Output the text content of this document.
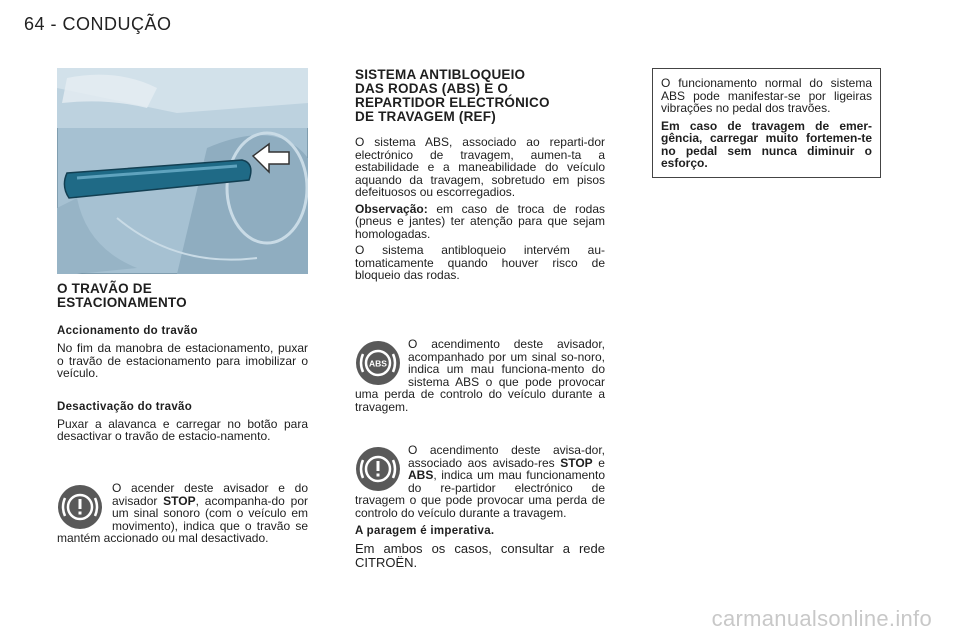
64 - CONDUÇÃO
O TRAVÃO DE
ESTACIONAMENTO
Accionamento do travão

No fim da manobra de estacionamento, puxar o travão de estacionamento para imobilizar o veículo.

Desactivação do travão

Puxar a alavanca e carregar no botão para desactivar o travão de estacio-namento.

O acender deste avisador e do avisador STOP, acompanha-do por um sinal sonoro (com o veículo em movimento), indica que o travão se mantém accionado ou mal desactivado.

SISTEMA ANTIBLOQUEIO
DAS RODAS (ABS) E O
REPARTIDOR ELECTRÓNICO
DE TRAVAGEM (REF)

O sistema ABS, associado ao reparti-dor electrónico de travagem, aumen-ta a estabilidade e a maneabilidade do veículo aquando da travagem, sobretudo em pisos defeituosos ou escorregadios.

Observação: em caso de troca de rodas (pneus e jantes) ter atenção para que sejam homologadas.

O sistema antibloqueio intervém au-tomaticamente quando houver risco de bloqueio das rodas.

ABS

O acendimento deste avisador, acompanhado por um sinal so-noro, indica um mau funciona-mento do sistema ABS o que pode provocar uma perda de controlo do veículo durante a travagem.

O acendimento deste avisa-dor, associado aos avisado-res STOP e ABS, indica um mau funcionamento do re-partidor electrónico de travagem o que pode provocar uma perda de controlo do veículo durante a travagem.

A paragem é imperativa.

Em ambos os casos, consultar a rede CITROËN.

O funcionamento normal do sistema ABS pode manifestar-se por ligeiras vibrações no pedal dos travões.

Em caso de travagem de emer-gência, carregar muito fortemen-te no pedal sem nunca diminuir o esforço.

carmanualsonline.info
